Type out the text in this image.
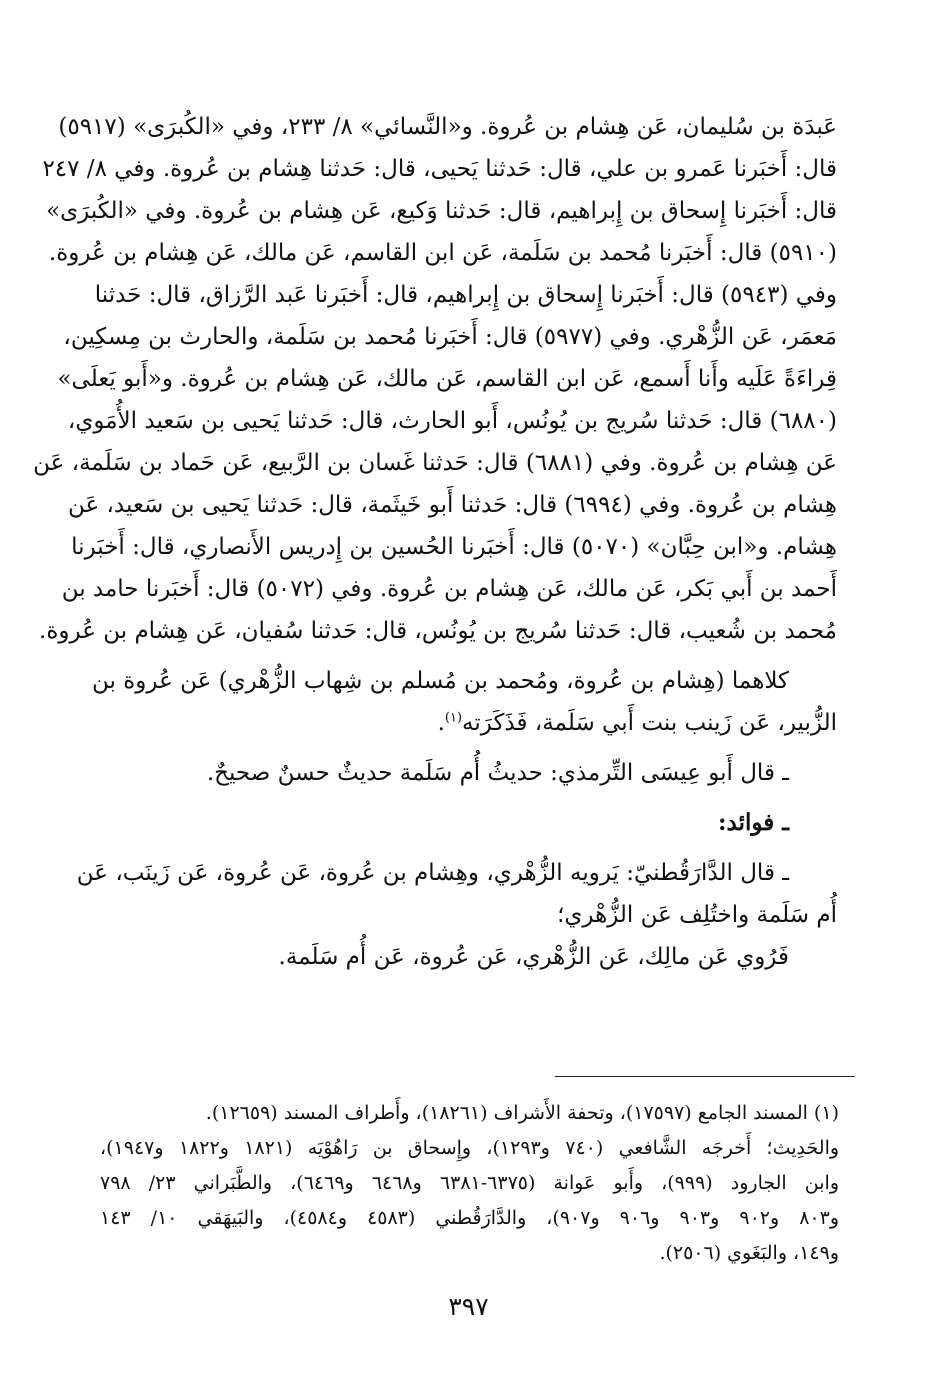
عَبدَة بن سُليمان، عَن هِشام بن عُروة. و«النَّسائي» ٨/ ٢٣٣، وفي «الكُبرَى» (٥٩١٧)
قال: أَخبَرنا عَمرو بن علي، قال: حَدثنا يَحيى، قال: حَدثنا هِشام بن عُروة. وفي ٨/ ٢٤٧
قال: أَخبَرنا إِسحاق بن إِبراهيم، قال: حَدثنا وَكيع، عَن هِشام بن عُروة. وفي «الكُبرَى»
(٥٩١٠) قال: أَخبَرنا مُحمد بن سَلَمة، عَن ابن القاسم، عَن مالك، عَن هِشام بن عُروة.
وفي (٥٩٤٣) قال: أَخبَرنا إِسحاق بن إِبراهيم، قال: أَخبَرنا عَبد الرَّزاق، قال: حَدثنا
مَعمَر، عَن الزُّهْري. وفي (٥٩٧٧) قال: أَخبَرنا مُحمد بن سَلَمة، والحارث بن مِسكِين،
قِراءَةً عَلَيه وأَنا أَسمع، عَن ابن القاسم، عَن مالك، عَن هِشام بن عُروة. و«أَبو يَعلَى»
(٦٨٨٠) قال: حَدثنا سُريج بن يُونُس، أَبو الحارث، قال: حَدثنا يَحيى بن سَعيد الأُمَوي،
عَن هِشام بن عُروة. وفي (٦٨٨١) قال: حَدثنا غَسان بن الرَّبيع، عَن حَماد بن سَلَمة، عَن
هِشام بن عُروة. وفي (٦٩٩٤) قال: حَدثنا أَبو خَيثَمة، قال: حَدثنا يَحيى بن سَعيد، عَن
هِشام. و«ابن حِبَّان» (٥٠٧٠) قال: أَخبَرنا الحُسين بن إِدريس الأَنصاري، قال: أَخبَرنا
أَحمد بن أَبي بَكر، عَن مالك، عَن هِشام بن عُروة. وفي (٥٠٧٢) قال: أَخبَرنا حامد بن
مُحمد بن شُعيب، قال: حَدثنا سُريج بن يُونُس، قال: حَدثنا سُفيان، عَن هِشام بن عُروة.
كلاهما (هِشام بن عُروة، ومُحمد بن مُسلم بن شِهاب الزُّهْري) عَن عُروة بن
الزُّبير، عَن زَينب بنت أَبي سَلَمة، فَذَكَرَته$^{(١)}$.
ـ قال أَبو عِيسَى التِّرمذي: حديثُ أُم سَلَمة حديثٌ حسنٌ صحيحٌ.
ـ فوائد:
ـ قال الدَّارَقُطنيّ: يَرويه الزُّهْري، وهِشام بن عُروة، عَن عُروة، عَن زَينَب، عَن
أُم سَلَمة واختُلِف عَن الزُّهْري؛
فَرُوي عَن مالِك، عَن الزُّهْري، عَن عُروة، عَن أُم سَلَمة.
(١) المسند الجامع (١٧٥٩٧)، وتحفة الأَشراف (١٨٢٦١)، وأَطراف المسند (١٢٦٥٩).
والحَدِيث؛ أَخرجَه الشَّافعي (٧٤٠ و١٢٩٣)، وإِسحاق بن رَاهُوْيَه (١٨٢١ و١٨٢٢ و١٩٤٧)،
وابن الجارود (٩٩٩)، وأَبو عَوانة (٦٣٧٥-٦٣٨١ و٦٤٦٨ و٦٤٦٩)، والطَّبَراني ٢٣/ ٧٩٨
و٨٠٣ و٩٠٢ و٩٠٣ و٩٠٦ و٩٠٧)، والدَّارَقُطني (٤٥٨٣ و٤٥٨٤)، والبَيهَقي ١٠/ ١٤٣
و١٤٩، والبَغَوي (٢٥٠٦).
٣٩٧
